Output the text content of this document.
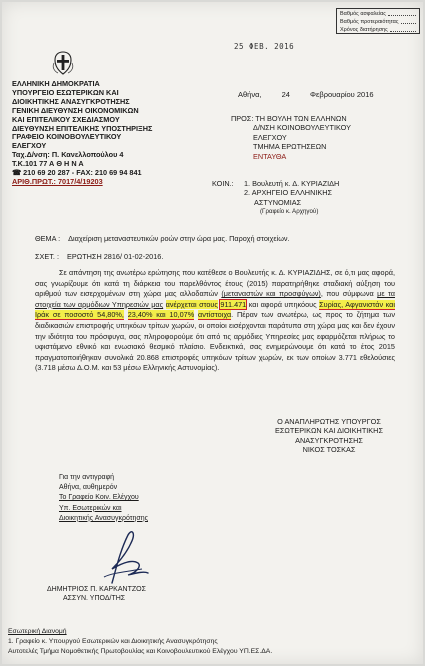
Βαθμός ασφαλείας
Βαθμός προτεραιότητας
Χρόνος διατήρησης
25 ΦΕΒ. 2016
ΕΛΛΗΝΙΚΗ ΔΗΜΟΚΡΑΤΙΑ
ΥΠΟΥΡΓΕΙΟ ΕΣΩΤΕΡΙΚΩΝ ΚΑΙ
ΔΙΟΙΚΗΤΙΚΗΣ ΑΝΑΣΥΓΚΡΟΤΗΣΗΣ
ΓΕΝΙΚΗ ΔΙΕΥΘΥΝΣΗ ΟΙΚΟΝΟΜΙΚΩΝ
ΚΑΙ ΕΠΙΤΕΛΙΚΟΥ ΣΧΕΔΙΑΣΜΟΥ
ΔΙΕΥΘΥΝΣΗ ΕΠΙΤΕΛΙΚΗΣ ΥΠΟΣΤΗΡΙΞΗΣ
ΓΡΑΦΕΙΟ ΚΟΙΝΟΒΟΥΛΕΥΤΙΚΟΥ
ΕΛΕΓΧΟΥ
Ταχ.Δ/νση: Π. Κανελλοπούλου 4
Τ.Κ.101 77 Α Θ Η Ν Α
☎ 210 69 20 287 - FAX: 210 69 94 841
ΑΡΙΘ.ΠΡΩΤ.: 7017/4/19203
Αθήνα,	24	Φεβρουαρίου 2016
ΠΡΟΣ: ΤΗ ΒΟΥΛΗ ΤΩΝ ΕΛΛΗΝΩΝ
Δ/ΝΣΗ ΚΟΙΝΟΒΟΥΛΕΥΤΙΚΟΥ
ΕΛΕΓΧΟΥ
ΤΜΗΜΑ ΕΡΩΤΗΣΕΩΝ
ΕΝΤΑΥΘΑ
ΚΟΙΝ.:	1. Βουλευτή κ. Δ. ΚΥΡΙΑΖΙΔΗ
2. ΑΡΧΗΓΕΙΟ ΕΛΛΗΝΙΚΗΣ
ΑΣΤΥΝΟΜΙΑΣ
(Γραφείο κ. Αρχηγού)
ΘΕΜΑ : Διαχείριση μεταναστευτικών ροών στην ώρα μας. Παροχή στοιχείων.
ΣΧΕΤ. : ΕΡΩΤΗΣΗ 2816/ 01-02-2016.

Σε απάντηση της ανωτέρω ερώτησης που κατέθεσε ο Βουλευτής κ. Δ. ΚΥΡΙΑΖΙΔΗΣ, σε ό,τι μας αφορά, σας γνωρίζουμε ότι κατά τη διάρκεια του παρελθόντος έτους (2015) παρατηρήθηκε σταδιακή αύξηση του αριθμού των εισερχομένων στη χώρα μας αλλοδαπών (μεταναστών και προσφύγων), που σύμφωνα με τα στοιχεία των αρμόδιων Υπηρεσιών μας ανέρχεται στους 911.471 και αφορά υπηκόους Συρίας, Αφγανιστάν και Ιράκ σε ποσοστό 54,80%, 23,40% και 10,07% αντίστοιχα. Πέραν των ανωτέρω, ως προς το ζήτημα των διαδικασιών επιστροφής υπηκόων τρίτων χωρών, οι οποίοι εισέρχονται παράτυπα στη χώρα μας και δεν έχουν την ιδιότητα του πρόσφυγα, σας πληροφορούμε ότι από τις αρμόδιες Υπηρεσίες μας εφαρμόζεται πλήρως το υφιστάμενο εθνικό και ενωσιακό θεσμικό πλαίσιο. Ενδεικτικά, σας ενημερώνουμε ότι κατά το έτος 2015 πραγματοποιήθηκαν συνολικά 20.868 επιστροφές υπηκόων τρίτων χωρών, εκ των οποίων 3.771 εθελούσιες (3.718 μέσω Δ.Ο.Μ. και 53 μέσω Ελληνικής Αστυνομίας).

Ο ΑΝΑΠΛΗΡΩΤΗΣ ΥΠΟΥΡΓΟΣ
ΕΣΩΤΕΡΙΚΩΝ ΚΑΙ ΔΙΟΙΚΗΤΙΚΗΣ
ΑΝΑΣΥΓΚΡΟΤΗΣΗΣ
ΝΙΚΟΣ ΤΟΣΚΑΣ
Για την αντιγραφή
Αθήνα, αυθημερόν
Το Γραφείο Κοιν. Ελέγχου
Υπ. Εσωτερικών και
Διοικητικής Ανασυγκρότησης
ΔΗΜΗΤΡΙΟΣ Π. ΚΑΡΚΑΝΤΖΟΣ
ΑΣΣΥΝ. ΥΠΟΔ/ΤΗΣ
Εσωτερική Διανομή
1. Γραφείο κ. Υπουργού Εσωτερικών και Διοικητικής Ανασυγκρότησης
Αυτοτελές Τμήμα Νομοθετικής Πρωτοβουλίας και Κοινοβουλευτικού Ελέγχου ΥΠ.ΕΣ.ΔΑ.
